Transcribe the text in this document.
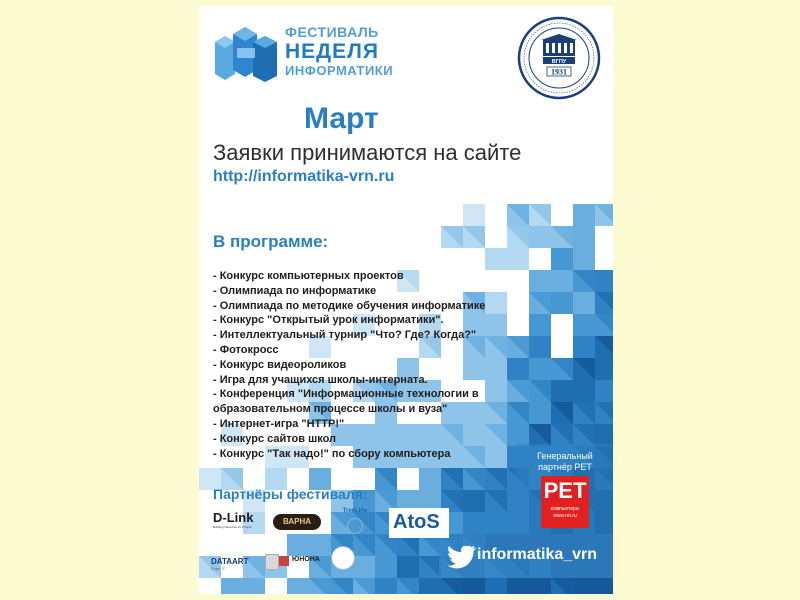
ФЕСТИВАЛЬ
НЕДЕЛЯ
ИНФОРМАТИКИ
ВГПУ
1931
Март
Заявки принимаются на сайте
http://informatika-vrn.ru
В программе:
- Конкурс компьютерных проектов
- Олимпиада по информатике
- Олимпиада по методике обучения информатике
- Конкурс "Открытый урок информатики".
- Интеллектуальный турнир "Что? Где? Когда?"
- Фотокросс
- Конкурс видеороликов
- Игра для учащихся школы-интерната.
- Конференция "Информационные технологии в
образовательном процессе школы и вуза"
- Интернет-игра "HTTP!"
- Конкурс сайтов школ
- Конкурс "Так надо!" по сбору компьютера	Генеральный
партнёр PET
PET
компьютеры
www.ret.ru
Партнёры фестиваля:
D-Link
Building Networks for People
ВАРНА
TreeLine	AtoS
DATAART
Enter IT
ЮНОНА	informatika_vrn
